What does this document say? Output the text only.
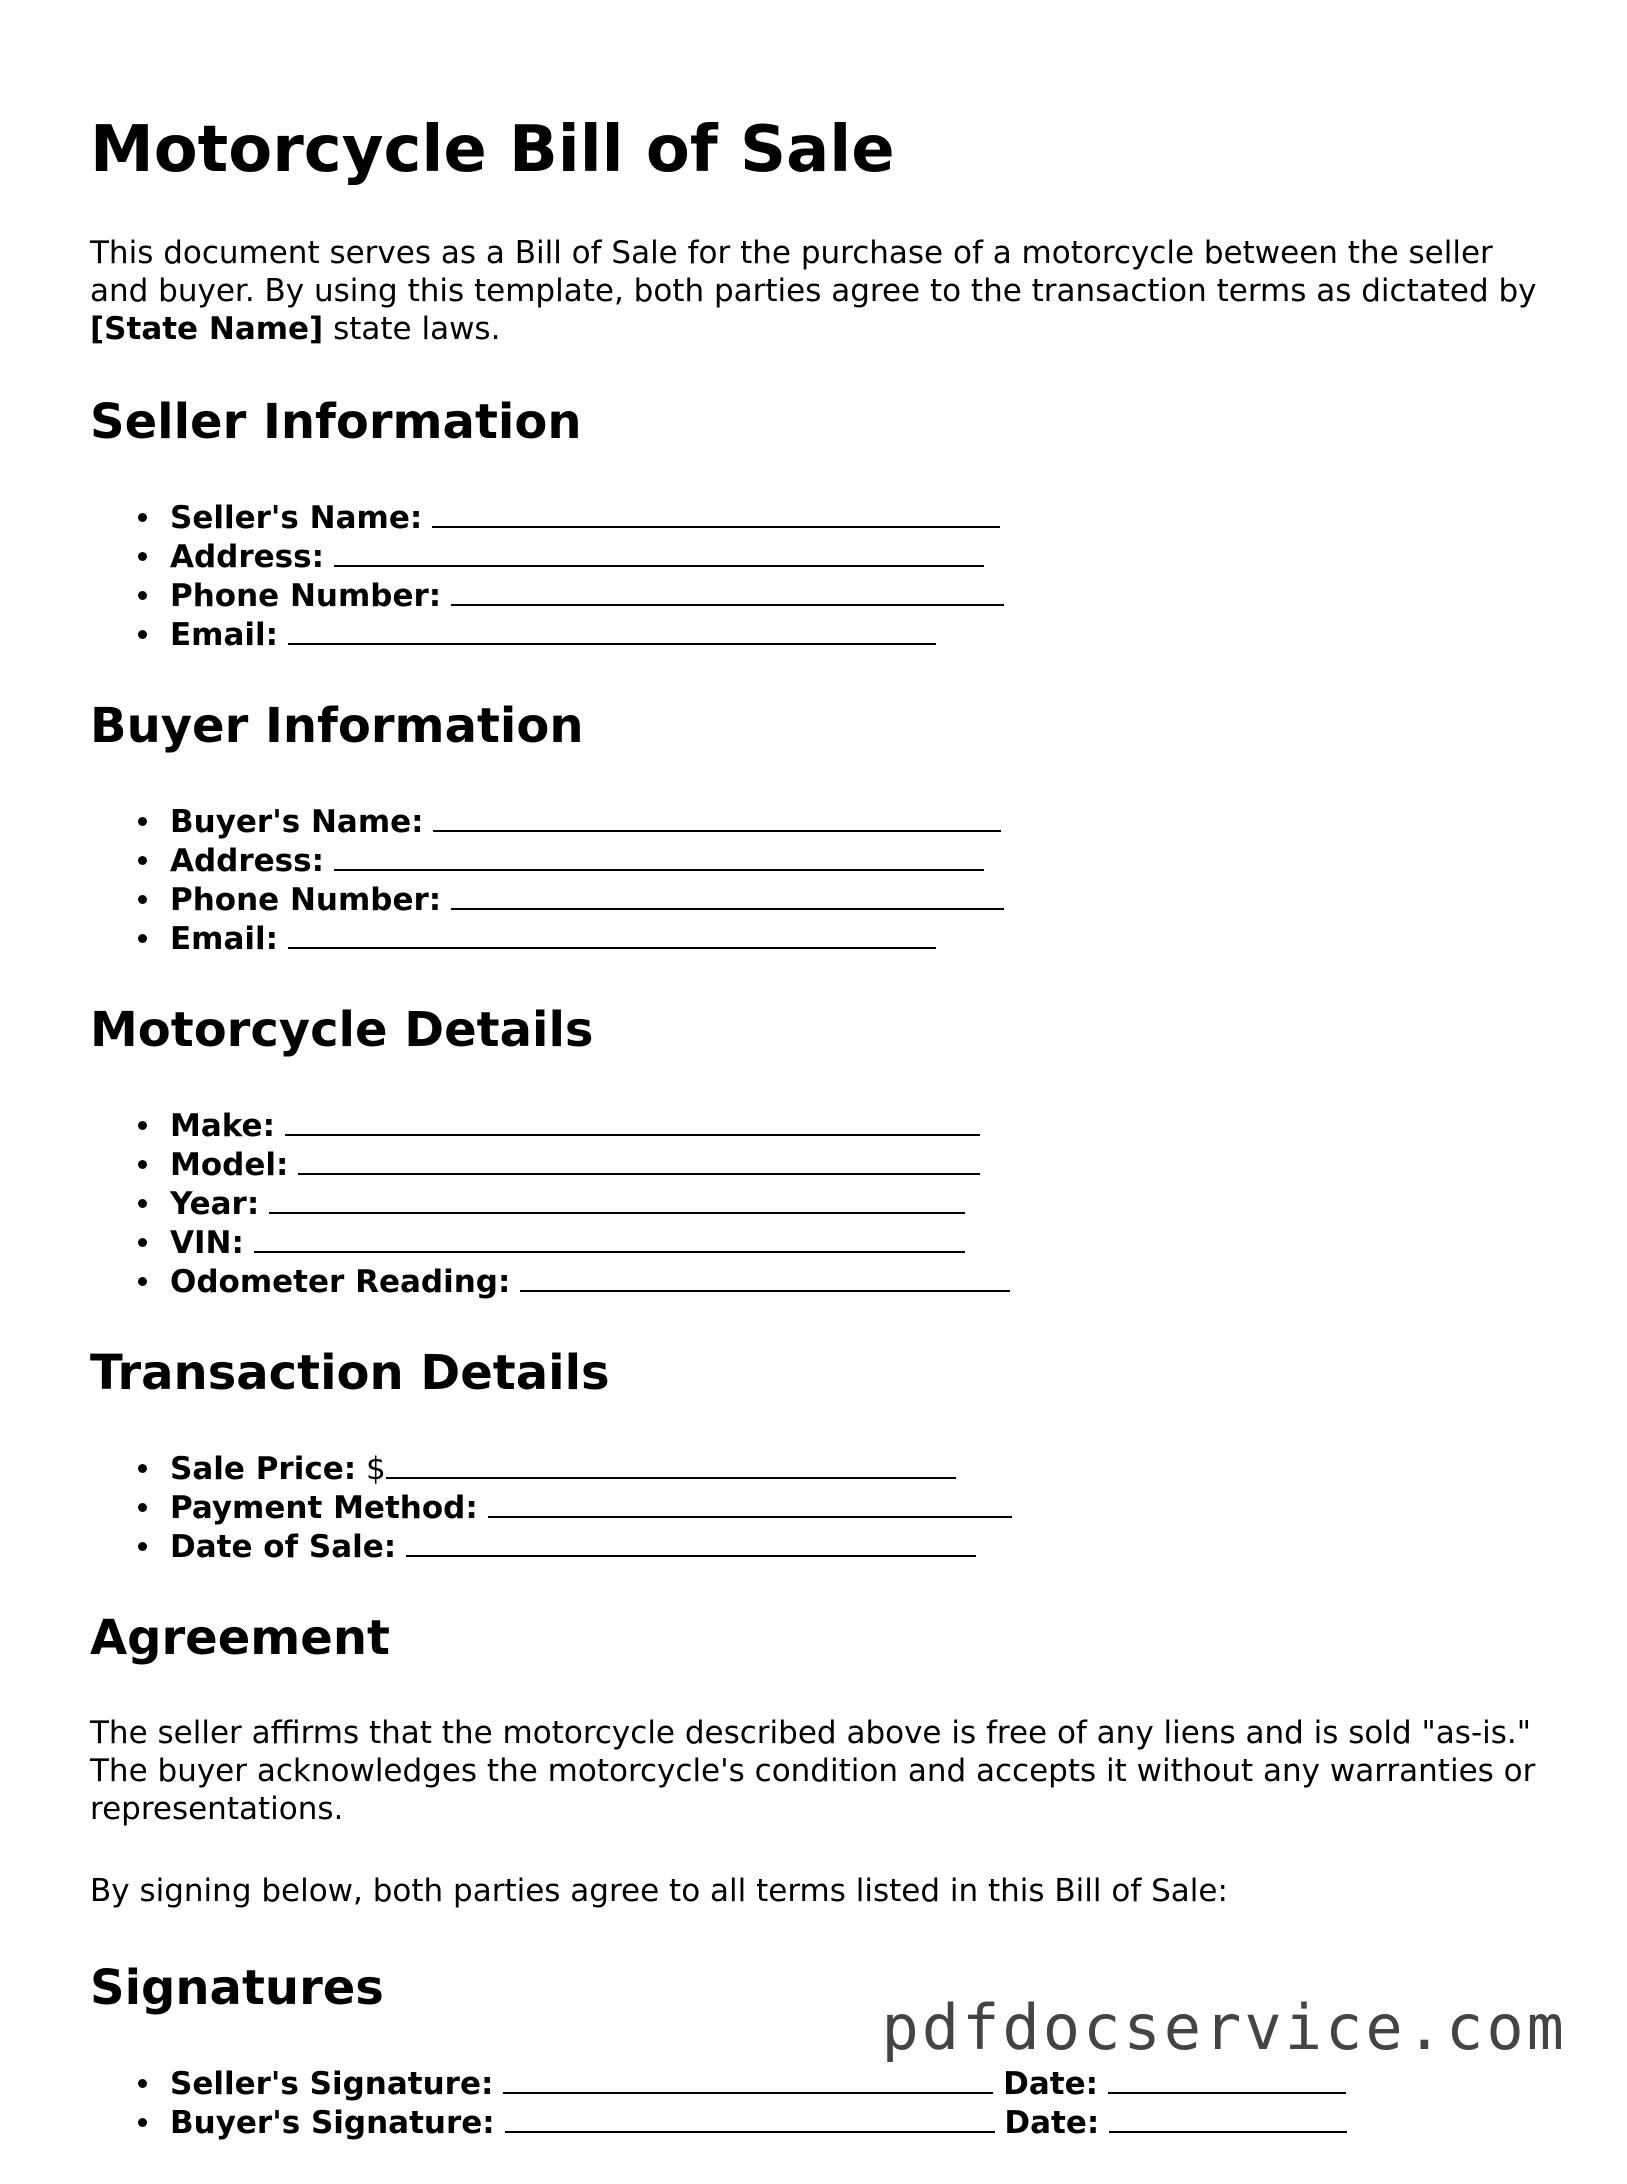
Motorcycle Bill of Sale

This document serves as a Bill of Sale for the purchase of a motorcycle between the seller and buyer. By using this template, both parties agree to the transaction terms as dictated by [State Name] state laws.

Seller Information
Seller's Name:
Address:
Phone Number:
Email:
Buyer Information
Buyer's Name:
Address:
Phone Number:
Email:
Motorcycle Details
Make:
Model:
Year:
VIN:
Odometer Reading:
Transaction Details
Sale Price: $
Payment Method:
Date of Sale:
Agreement

The seller affirms that the motorcycle described above is free of any liens and is sold "as-is." The buyer acknowledges the motorcycle's condition and accepts it without any warranties or representations.

By signing below, both parties agree to all terms listed in this Bill of Sale:

Signatures
Seller's Signature:	Date:
Buyer's Signature:	Date:
pdfdocservice.com
